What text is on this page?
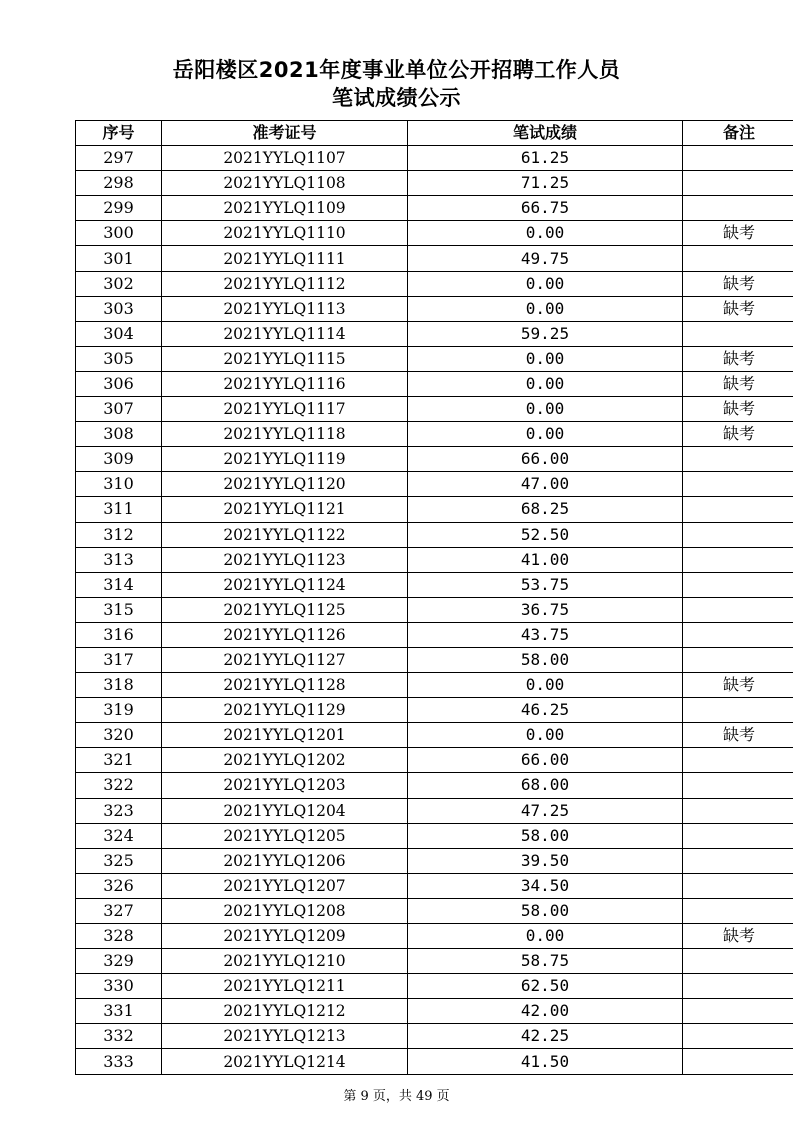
岳阳楼区2021年度事业单位公开招聘工作人员
笔试成绩公示
序号	准考证号	笔试成绩	备注
297	2021YYLQ1107	61.25	
298	2021YYLQ1108	71.25	
299	2021YYLQ1109	66.75	
300	2021YYLQ1110	0.00	缺考
301	2021YYLQ1111	49.75	
302	2021YYLQ1112	0.00	缺考
303	2021YYLQ1113	0.00	缺考
304	2021YYLQ1114	59.25	
305	2021YYLQ1115	0.00	缺考
306	2021YYLQ1116	0.00	缺考
307	2021YYLQ1117	0.00	缺考
308	2021YYLQ1118	0.00	缺考
309	2021YYLQ1119	66.00	
310	2021YYLQ1120	47.00	
311	2021YYLQ1121	68.25	
312	2021YYLQ1122	52.50	
313	2021YYLQ1123	41.00	
314	2021YYLQ1124	53.75	
315	2021YYLQ1125	36.75	
316	2021YYLQ1126	43.75	
317	2021YYLQ1127	58.00	
318	2021YYLQ1128	0.00	缺考
319	2021YYLQ1129	46.25	
320	2021YYLQ1201	0.00	缺考
321	2021YYLQ1202	66.00	
322	2021YYLQ1203	68.00	
323	2021YYLQ1204	47.25	
324	2021YYLQ1205	58.00	
325	2021YYLQ1206	39.50	
326	2021YYLQ1207	34.50	
327	2021YYLQ1208	58.00	
328	2021YYLQ1209	0.00	缺考
329	2021YYLQ1210	58.75	
330	2021YYLQ1211	62.50	
331	2021YYLQ1212	42.00	
332	2021YYLQ1213	42.25	
333	2021YYLQ1214	41.50	
第 9 页，共 49 页
